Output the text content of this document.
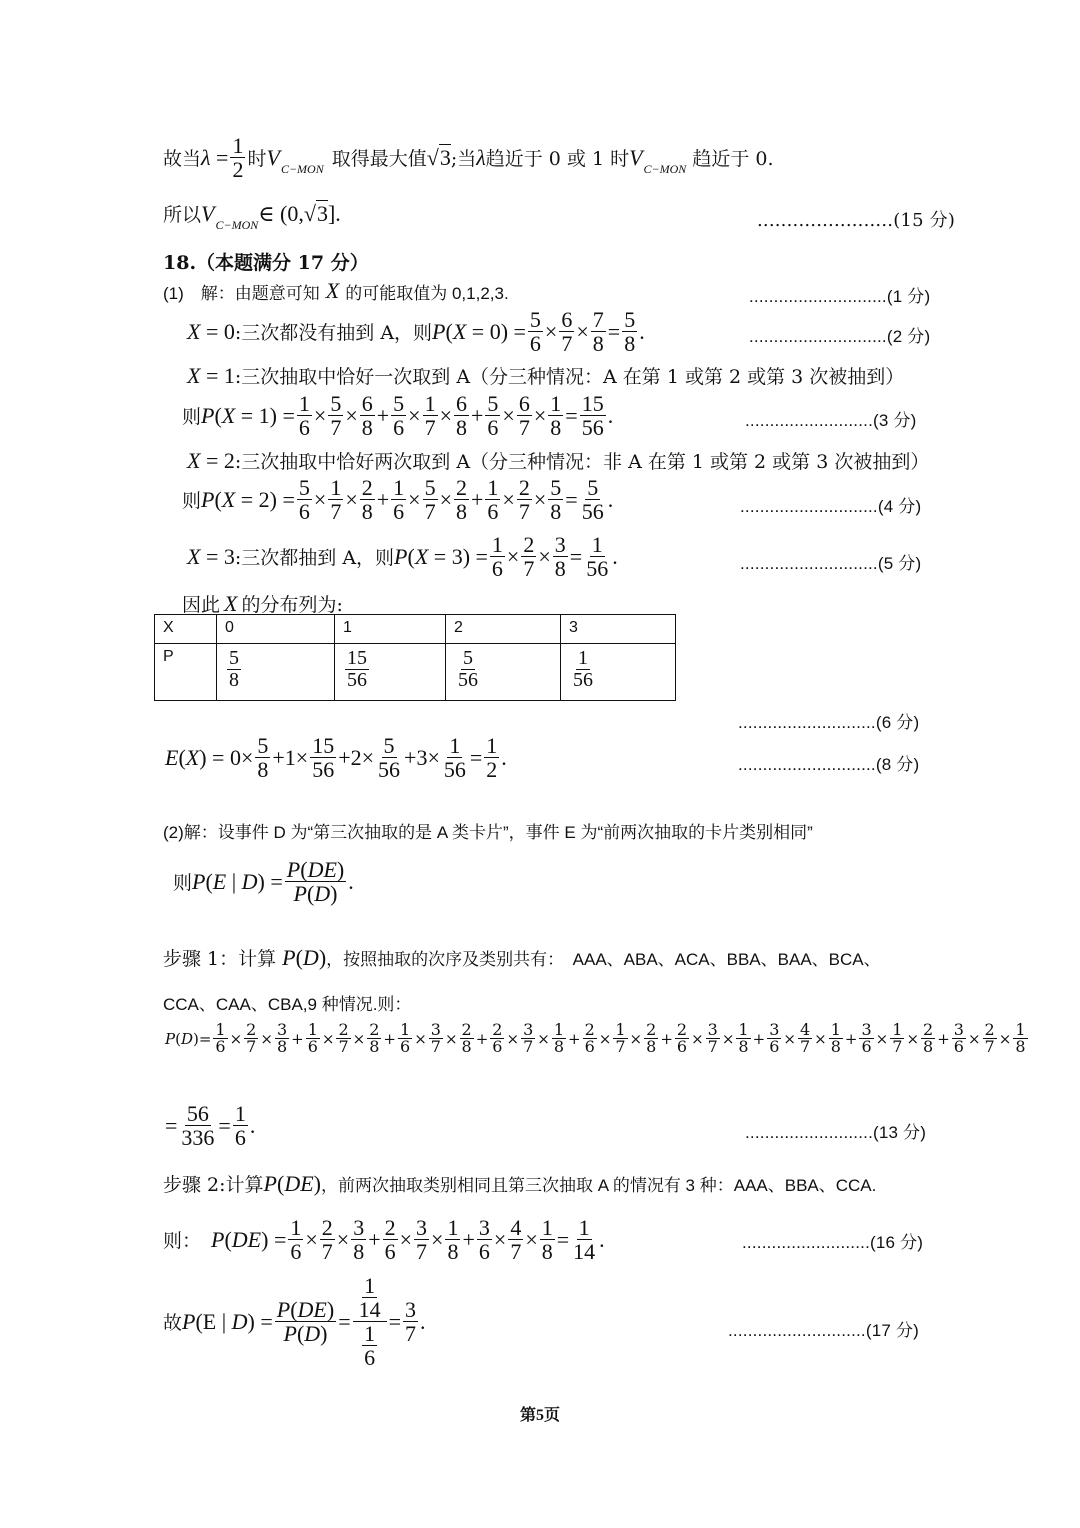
故当 $\lambda = \frac{1}{2}$ 时 $V_{C-MON}$ 取得最大值 √3 ;当 λ 趋近于 0 或 1 时 $V_{C-MON}$ 趋近于 0.
所以 $V_{C-MON}$ ∈ (0, √3 ].	.......................(15 分)
18.（本题满分 17 分）
(1)　解：由题意可知 X 的可能取值为 0,1,2,3.	............................(1 分)
X = 0 :三次都没有抽到 A，则 $P(X = 0) = \frac{5}{6} \times \frac{6}{7} \times \frac{7}{8} = \frac{5}{8}$ .	............................(2 分)
X = 1 :三次抽取中恰好一次取到 A（分三种情况：A 在第 1 或第 2 或第 3 次被抽到）
则 $P(X = 1) = \frac{1}{6} \times \frac{5}{7} \times \frac{6}{8} + \frac{5}{6} \times \frac{1}{7} \times \frac{6}{8} + \frac{5}{6} \times \frac{6}{7} \times \frac{1}{8} = \frac{15}{56}$ .	..........................(3 分)
X = 2 :三次抽取中恰好两次取到 A（分三种情况：非 A 在第 1 或第 2 或第 3 次被抽到）
则 $P(X = 2) = \frac{5}{6} \times \frac{1}{7} \times \frac{2}{8} + \frac{1}{6} \times \frac{5}{7} \times \frac{2}{8} + \frac{1}{6} \times \frac{2}{7} \times \frac{5}{8} = \frac{5}{56}$ .	............................(4 分)
X = 3 :三次都抽到 A，则 $P(X = 3) = \frac{1}{6} \times \frac{2}{7} \times \frac{3}{8} = \frac{1}{56}$ .	............................(5 分)
因此 X 的分布列为:
X	0	1	2	3
P	$\frac{5}{8}$	$\frac{15}{56}$	$\frac{5}{56}$	$\frac{1}{56}$
............................(6 分)
$E(X) = 0\times \frac{5}{8} +1\times \frac{15}{56} +2\times \frac{5}{56} +3\times \frac{1}{56} = \frac{1}{2}$ .	............................(8 分)
(2)解：设事件 D 为“第三次抽取的是 A 类卡片”，事件 E 为“前两次抽取的卡片类别相同”
则 P(E | $D) = \frac{P(DE)}{P(D)}$ .
步骤 1：计算 P(D) ，按照抽取的次序及类别共有：　AAA、ABA、ACA、BBA、BAA、BCA、
CCA、CAA、CBA,9 种情况.则：
P ( D )= $\frac{1}{6} \times \frac{2}{7} \times \frac{3}{8} + \frac{1}{6} \times \frac{2}{7} \times \frac{2}{8} + \frac{1}{6} \times \frac{3}{7} \times \frac{2}{8} + \frac{2}{6} \times \frac{3}{7} \times \frac{1}{8} + \frac{2}{6} \times \frac{1}{7} \times \frac{2}{8} + \frac{2}{6} \times \frac{3}{7} \times \frac{1}{8} + \frac{3}{6} \times \frac{4}{7} \times \frac{1}{8} + \frac{3}{6} \times \frac{1}{7} \times \frac{2}{8} + \frac{3}{6} \times \frac{2}{7} \times \frac{1}{8}$
= $\frac{56}{336} = \frac{1}{6}$ .	..........................(13 分)
步骤 2:计算 P(DE) ，前两次抽取类别相同且第三次抽取 A 的情况有 3 种：AAA、BBA、CCA.
则： $P(DE) = \frac{1}{6} \times \frac{2}{7} \times \frac{3}{8} + \frac{2}{6} \times \frac{3}{7} \times \frac{1}{8} + \frac{3}{6} \times \frac{4}{7} \times \frac{1}{8} = \frac{1}{14}$ .	..........................(16 分)
故 P(E | $D) = \frac{P(DE)}{P(D)} = \frac{\frac{1}{14}}{\frac{1}{6}} = \frac{3}{7}$ .	............................(17 分)
第5页
